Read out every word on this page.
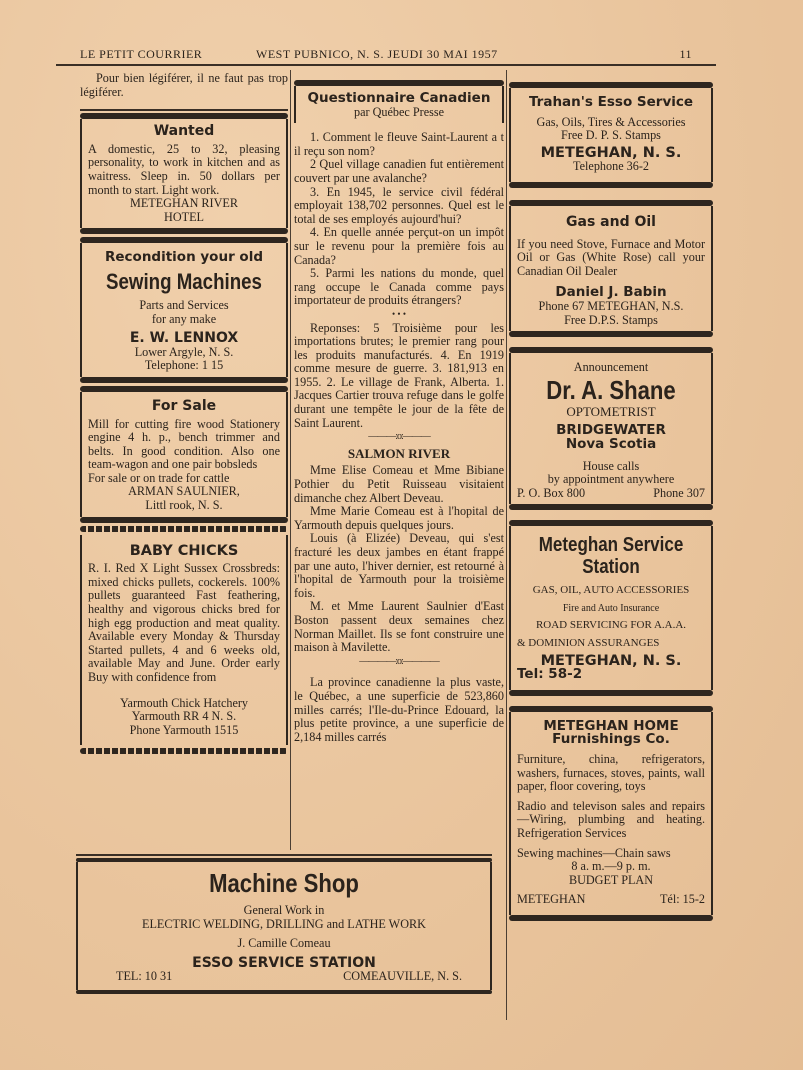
LE PETIT COURRIER	WEST PUBNICO, N. S. JEUDI 30 MAI 1957	11

Pour bien légiférer, il ne faut pas trop légiférer.

Wanted

A domestic, 25 to 32, pleasing personality, to work in kitchen and as waitress. Sleep in. 50 dollars per month to start. Light work.

METEGHAN RIVER

HOTEL

Recondition your old
Sewing Machines

Parts and Services

for any make

E. W. LENNOX

Lower Argyle, N. S.

Telephone: 1 15

For Sale

Mill for cutting fire wood Stationery engine 4 h. p., bench trimmer and belts. In good condition. Also one team-wagon and one pair bobsleds

For sale or on trade for cattle

ARMAN SAULNIER,

Littl rook, N. S.

BABY CHICKS

R. I. Red X Light Sussex Crossbreds: mixed chicks pullets, cockerels. 100% pullets guaranteed Fast feathering, healthy and vigorous chicks bred for high egg production and meat quality. Available every Monday & Thursday Started pullets, 4 and 6 weeks old, available May and June. Order early Buy with confidence from

Yarmouth Chick Hatchery

Yarmouth RR 4 N. S.

Phone Yarmouth 1515

Questionnaire Canadien

par Québec Presse

1. Comment le fleuve Saint-Laurent a t il reçu son nom?

2 Quel village canadien fut entièrement couvert par une avalanche?

3. En 1945, le service civil fédéral employait 138,702 personnes. Quel est le total de ses employés aujourd'hui?

4. En quelle année perçut-on un impôt sur le revenu pour la première fois au Canada?

5. Parmi les nations du monde, quel rang occupe le Canada comme pays importateur de produits étrangers?

• • •

Reponses: 5 Troisième pour les importations brutes; le premier rang pour les produits manufacturés. 4. En 1919 comme mesure de guerre. 3. 181,913 en 1955. 2. Le village de Frank, Alberta. 1. Jacques Cartier trouva refuge dans le golfe durant une tempête le jour de la fête de Saint Laurent.

———:o:———

SALMON RIVER

Mme Elise Comeau et Mme Bibiane Pothier du Petit Ruisseau visitaient dimanche chez Albert Deveau.

Mme Marie Comeau est à l'hopital de Yarmouth depuis quelques jours.

Louis (à Elizée) Deveau, qui s'est fracturé les deux jambes en étant frappé par une auto, l'hiver dernier, est retourné à l'hopital de Yarmouth pour la troisième fois.

M. et Mme Laurent Saulnier d'East Boston passent deux semaines chez Norman Maillet. Ils se font construire une maison à Mavilette.

————:o:————

La province canadienne la plus vaste, le Québec, a une superficie de 523,860 milles carrés; l'Ile-du-Prince Edouard, la plus petite province, a une superficie de 2,184 milles carrés

Trahan's Esso Service

Gas, Oils, Tires & Accessories

Free D. P. S. Stamps

METEGHAN, N. S.

Telephone 36-2

Gas and Oil

If you need Stove, Furnace and Motor Oil or Gas (White Rose) call your Canadian Oil Dealer

Daniel J. Babin

Phone 67 METEGHAN, N.S.

Free D.P.S. Stamps

Announcement

Dr. A. Shane

OPTOMETRIST

BRIDGEWATER
Nova Scotia

House calls

by appointment anywhere

P. O. Box 800	Phone 307
Meteghan Service
Station

GAS, OIL, AUTO ACCESSORIES

Fire and Auto Insurance

ROAD SERVICING FOR A.A.A.

& DOMINION ASSURANGES

METEGHAN, N. S.
Tel: 58-2
METEGHAN HOME
Furnishings Co.

Furniture, china, refrigerators, washers, furnaces, stoves, paints, wall paper, floor covering, toys

Radio and televison sales and repairs—Wiring, plumbing and heating. Refrigeration Services

Sewing machines—Chain saws

8 a. m.—9 p. m.

BUDGET PLAN

METEGHAN	Tél: 15-2
Machine Shop

General Work in

ELECTRIC WELDING, DRILLING and LATHE WORK

J. Camille Comeau

ESSO SERVICE STATION
TEL: 10 31	COMEAUVILLE, N. S.
